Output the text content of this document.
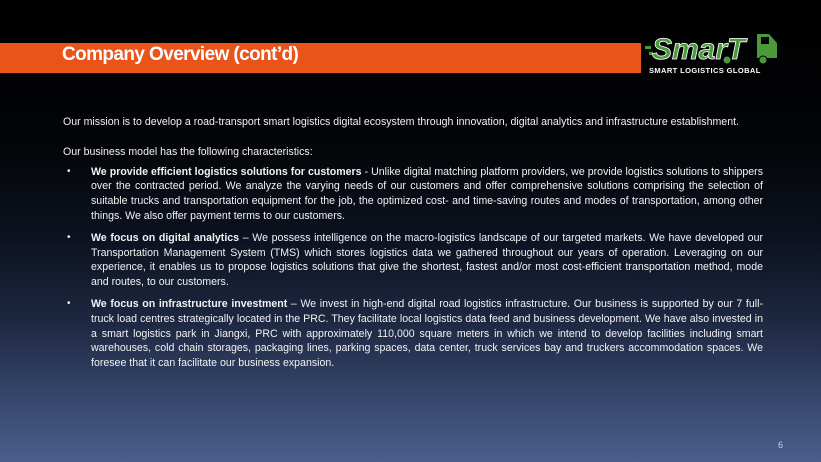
Company Overview (cont’d)	SmarT
SMART LOGISTICS GLOBAL

Our mission is to develop a road-transport smart logistics digital ecosystem through innovation, digital analytics and infrastructure establishment.

Our business model has the following characteristics:

• We provide efficient logistics solutions for customers - Unlike digital matching platform providers, we provide logistics solutions to shippers over the contracted period. We analyze the varying needs of our customers and offer comprehensive solutions comprising the selection of suitable trucks and transportation equipment for the job, the optimized cost- and time-saving routes and modes of transportation, among other things. We also offer payment terms to our customers.
• We focus on digital analytics – We possess intelligence on the macro-logistics landscape of our targeted markets. We have developed our Transportation Management System (TMS) which stores logistics data we gathered throughout our years of operation. Leveraging on our experience, it enables us to propose logistics solutions that give the shortest, fastest and/or most cost-efficient transportation method, mode and routes, to our customers.
• We focus on infrastructure investment – We invest in high-end digital road logistics infrastructure. Our business is supported by our 7 full-truck load centres strategically located in the PRC. They facilitate local logistics data feed and business development. We have also invested in a smart logistics park in Jiangxi, PRC with approximately 110,000 square meters in which we intend to develop facilities including smart warehouses, cold chain storages, packaging lines, parking spaces, data center, truck services bay and truckers accommodation spaces. We foresee that it can facilitate our business expansion.
6
